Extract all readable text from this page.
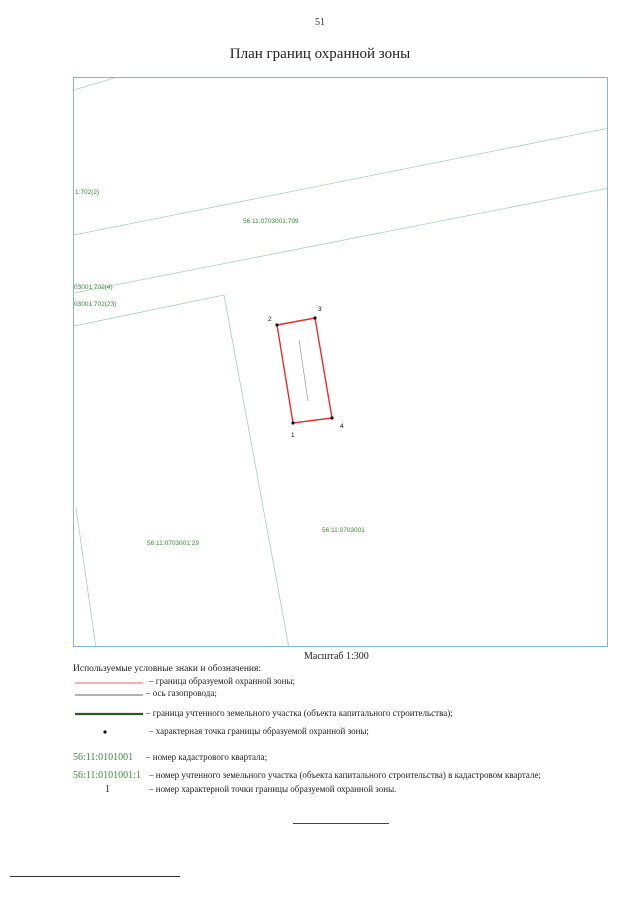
51
План границ охранной зоны
1:702(2)
56:11:0703001:799
03001:702(4)
03001:702(23)
56:11:0703001
56:11:0703001:29
2
3
1
4
Масштаб 1:300
Используемые условные знаки и обозначения:
– граница образуемой охранной зоны;
– ось газопровода;
– граница учтенного земельного участка (объекта капитального строительства);
– характерная точка границы образуемой охранной зоны;
56:11:0101001 – номер кадастрового квартала;
56:11:0101001:1 – номер учтенного земельного участка (объекта капитального строительства) в кадастровом квартале;
1	– номер характерной точки границы образуемой охранной зоны.
